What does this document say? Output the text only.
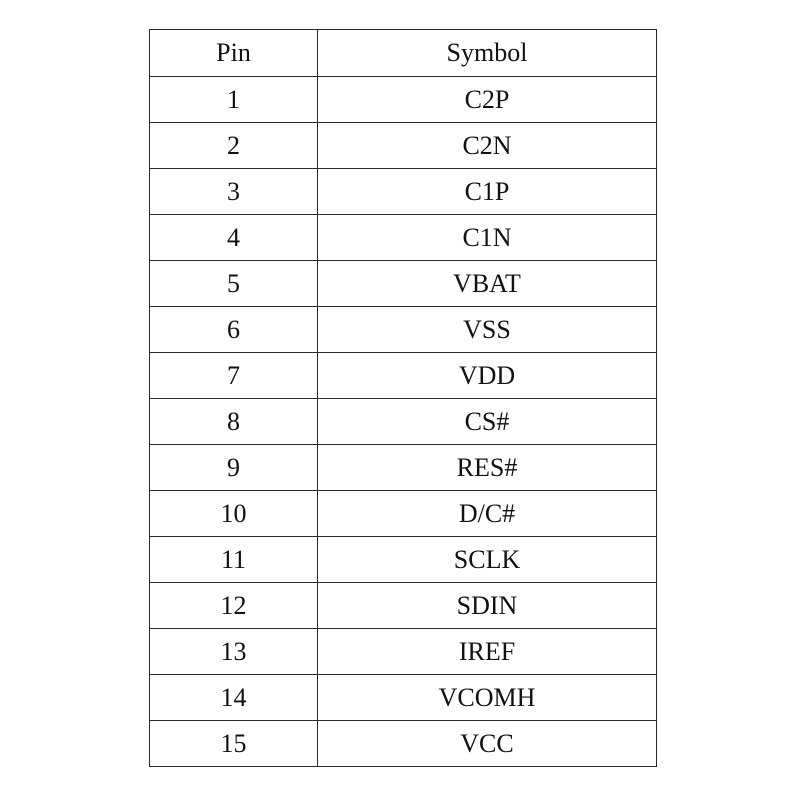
Pin	Symbol
1	C2P
2	C2N
3	C1P
4	C1N
5	VBAT
6	VSS
7	VDD
8	CS#
9	RES#
10	D/C#
11	SCLK
12	SDIN
13	IREF
14	VCOMH
15	VCC
